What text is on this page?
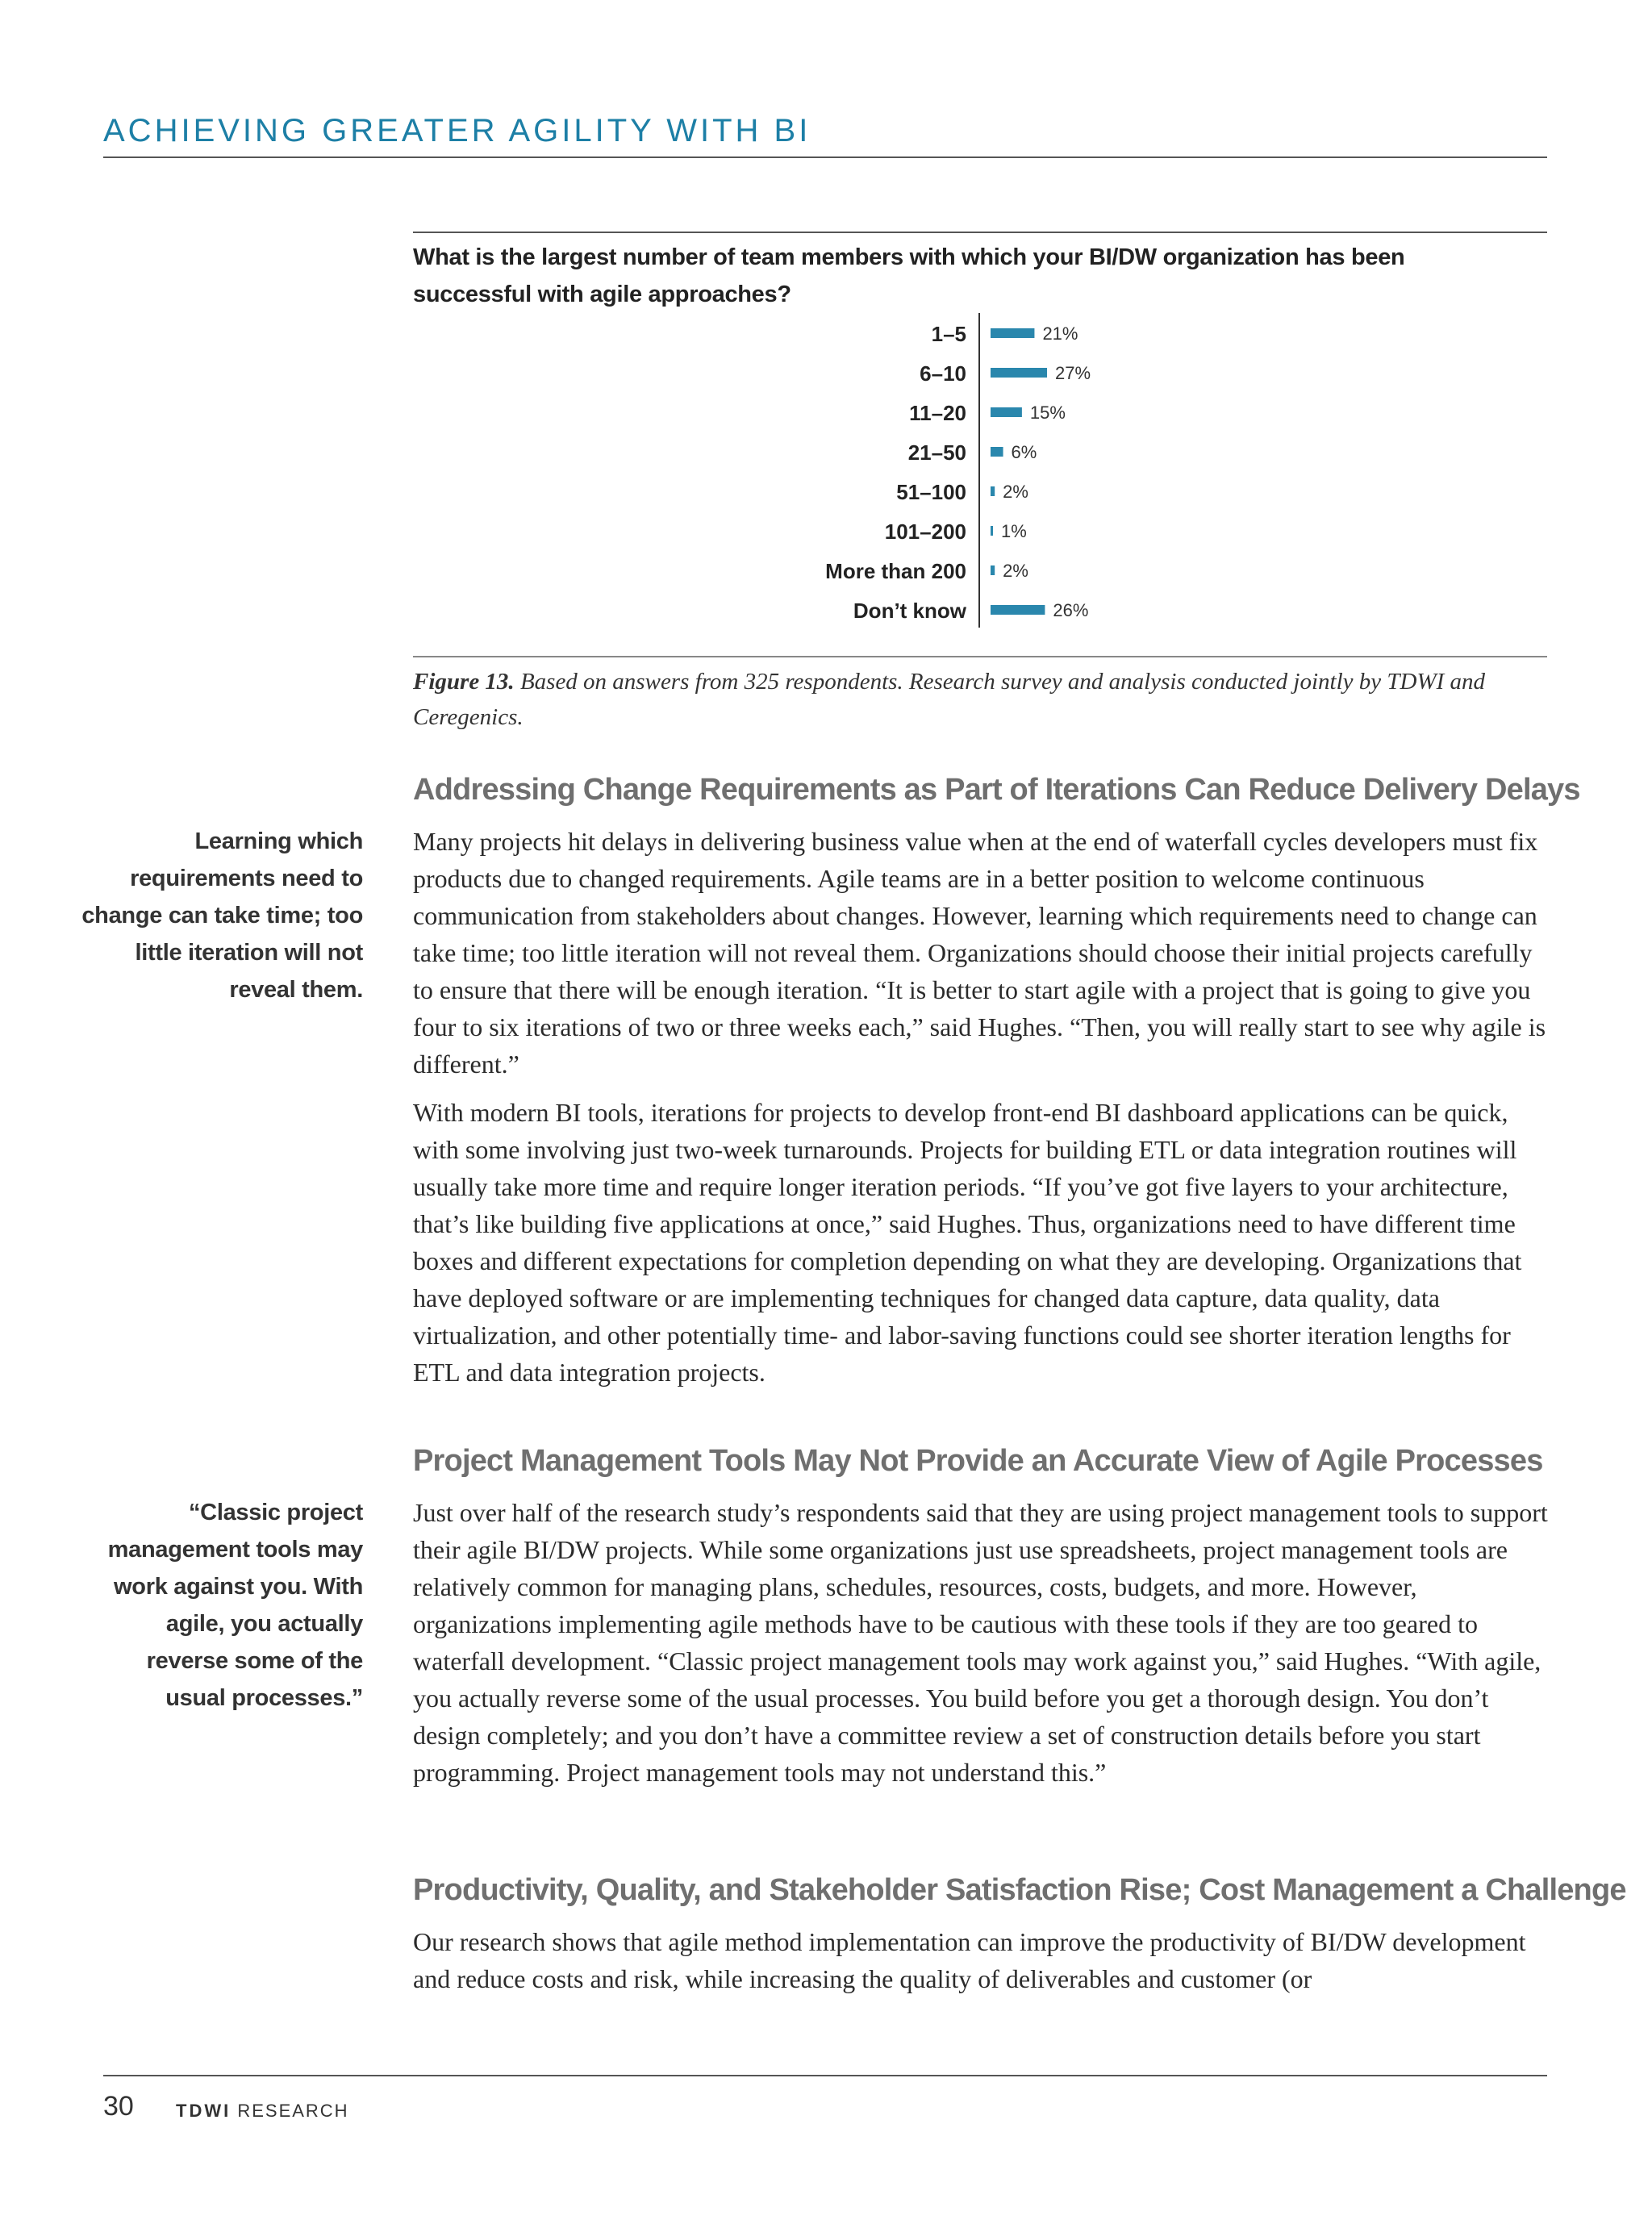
ACHIEVING GREATER AGILITY WITH BI
What is the largest number of team members with which your BI/DW organization has been successful with agile approaches?
1–5	21%
6–10	27%
11–20	15%
21–50	6%
51–100 2%
101–200 1%
More than 200 2%
Don’t know	26%
Figure 13. Based on answers from 325 respondents. Research survey and analysis conducted jointly by TDWI and Ceregenics.
Addressing Change Requirements as Part of Iterations Can Reduce Delivery Delays
Learning which requirements need to change can take time; too little iteration will not reveal them.

Many projects hit delays in delivering business value when at the end of waterfall cycles developers must fix products due to changed requirements. Agile teams are in a better position to welcome continuous communication from stakeholders about changes. However, learning which requirements need to change can take time; too little iteration will not reveal them. Organizations should choose their initial projects carefully to ensure that there will be enough iteration. “It is better to start agile with a project that is going to give you four to six iterations of two or three weeks each,” said Hughes. “Then, you will really start to see why agile is different.”

With modern BI tools, iterations for projects to develop front-end BI dashboard applications can be quick, with some involving just two-week turnarounds. Projects for building ETL or data integration routines will usually take more time and require longer iteration periods. “If you’ve got five layers to your architecture, that’s like building five applications at once,” said Hughes. Thus, organizations need to have different time boxes and different expectations for completion depending on what they are developing. Organizations that have deployed software or are implementing techniques for changed data capture, data quality, data virtualization, and other potentially time- and labor-saving functions could see shorter iteration lengths for ETL and data integration projects.

Project Management Tools May Not Provide an Accurate View of Agile Processes
“Classic project management tools may work against you. With agile, you actually reverse some of the usual processes.”

Just over half of the research study’s respondents said that they are using project management tools to support their agile BI/DW projects. While some organizations just use spreadsheets, project management tools are relatively common for managing plans, schedules, resources, costs, budgets, and more. However, organizations implementing agile methods have to be cautious with these tools if they are too geared to waterfall development. “Classic project management tools may work against you,” said Hughes. “With agile, you actually reverse some of the usual processes. You build before you get a thorough design. You don’t design completely; and you don’t have a committee review a set of construction details before you start programming. Project management tools may not understand this.”

Productivity, Quality, and Stakeholder Satisfaction Rise; Cost Management a Challenge

Our research shows that agile method implementation can improve the productivity of BI/DW development and reduce costs and risk, while increasing the quality of deliverables and customer (or

30 TDWI RESEARCH
